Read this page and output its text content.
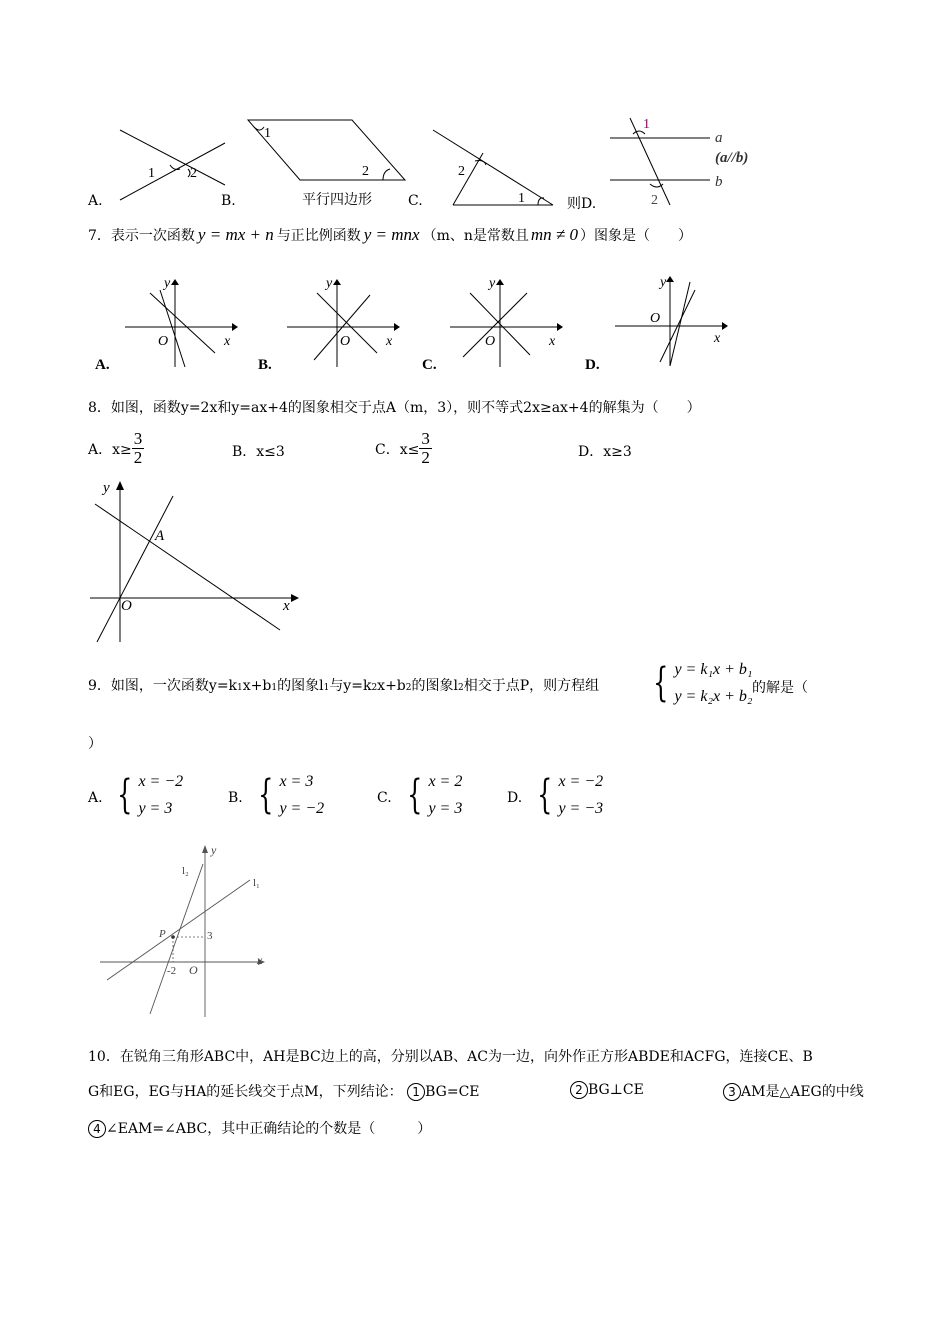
1	2
A.
1
2
B.	平行四边形
2
1
C.
1
2
a
(a//b)
b
则D.
7． 表示一次函数 y = mx + n 与正比例函数 y = mnx （m、n是常数且 mn ≠ 0 ）图象是（　　）
y
x
O
A.
y
x
O
B.
y
x
O
C.
y
x
O
D.
8．如图，函数y=2x和y=ax+4的图象相交于点A（m，3），则不等式2x≥ax+4的解集为（　　）
A．$x\ge \frac{3}{2}$	B．x≤3	C．$x\le \frac{3}{2}$	D．x≥3
y
x
O
A
9．如图，一次函数$y=k_1$ x+b 1 的图象$l_1$ 与$y=k_2$ x+b 2 的图象$l_2$ 相交于点P，则方程组 { y = k₁x + b₁
y = k₂x + b₂ 的解是（
）
A. { x = −2
y = 3
B. { x = 3
y = −2
C. { x = 2
y = 3
D. { x = −2
y = −3
y
x
O
l₂
l₁
P	3
-2
10．在锐角三角形ABC中，AH是BC边上的高，分别以AB、AC为一边，向外作正方形ABDE和ACFG，连接CE、B
G和EG，EG与HA的延长线交于点M，下列结论： 1 BG=CE	2 BG⊥CE	3 AM是△AEG的中线
4 ∠EAM=∠ABC，其中正确结论的个数是（　　　）
